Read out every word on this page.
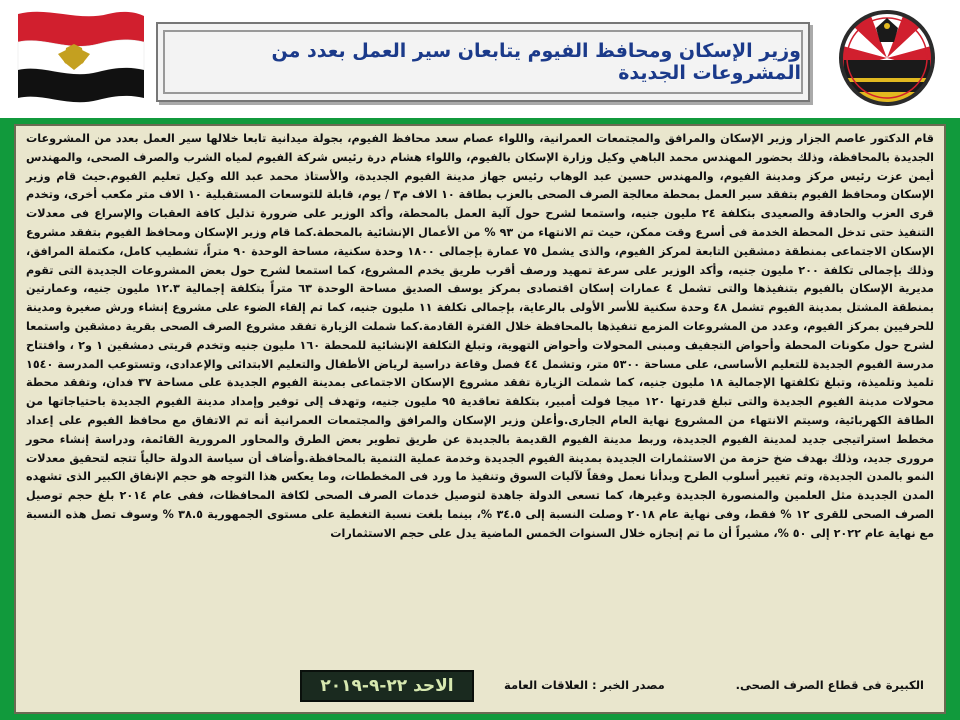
وزير الإسكان ومحافظ الفيوم يتابعان سير العمل بعدد من المشروعات الجديدة

قام الدكتور عاصم الجزار وزير الإسكان والمرافق والمجتمعات العمرانية، واللواء عصام سعد محافظ الفيوم، بجولة ميدانية تابعا خلالها سير العمل بعدد من المشروعات الجديدة بالمحافظة، وذلك بحضور المهندس محمد الباهي وكيل وزارة الإسكان بالفيوم، واللواء هشام درة رئيس شركة الفيوم لمياه الشرب والصرف الصحى، والمهندس أيمن عزت رئيس مركز ومدينة الفيوم، والمهندس حسين عبد الوهاب رئيس جهاز مدينة الفيوم الجديدة، والأستاذ محمد عبد الله وكيل تعليم الفيوم.حيث قام وزير الإسكان ومحافظ الفيوم بتفقد سير العمل بمحطة معالجة الصرف الصحى بالعزب بطاقة ١٠ الاف م٣ / يوم، قابلة للتوسعات المستقبلية ١٠ الاف متر مكعب أخرى، وتخدم قرى العزب والحادقة والصعيدى بتكلفة ٢٤ مليون جنيه، واستمعا لشرح حول آلية العمل بالمحطة، وأكد الوزير على ضرورة تذليل كافة العقبات والإسراع فى معدلات التنفيذ حتى تدخل المحطة الخدمة فى أسرع وقت ممكن، حيث تم الانتهاء من ٩٣ % من الأعمال الإنشائية بالمحطة.كما قام وزير الإسكان ومحافظ الفيوم بتفقد مشروع الإسكان الاجتماعى بمنطقة دمشقين التابعة لمركز الفيوم، والذى يشمل ٧٥ عمارة بإجمالى ١٨٠٠ وحدة سكنية، مساحة الوحدة ٩٠ متراً، تشطيب كامل، مكتملة المرافق، وذلك بإجمالى تكلفة ٢٠٠ مليون جنيه، وأكد الوزير على سرعة تمهيد ورصف أقرب طريق يخدم المشروع، كما استمعا لشرح حول بعض المشروعات الجديدة التى تقوم مديرية الإسكان بالفيوم بتنفيذها والتى تشمل ٤ عمارات إسكان اقتصادى بمركز يوسف الصديق مساحة الوحدة ٦٣ متراً بتكلفة إجمالية ١٢.٣ مليون جنيه، وعمارتين بمنطقة المشتل بمدينة الفيوم تشمل ٤٨ وحدة سكنية للأسر الأولى بالرعاية، بإجمالى تكلفة ١١ مليون جنيه، كما تم إلقاء الضوء على مشروع إنشاء ورش صغيرة ومدينة للحرفيين بمركز الفيوم، وعدد من المشروعات المزمع تنفيذها بالمحافظة خلال الفترة القادمة.كما شملت الزيارة تفقد مشروع الصرف الصحى بقرية دمشقين واستمعا لشرح حول مكونات المحطة وأحواض التجفيف ومبنى المحولات وأحواض التهوية، وتبلغ التكلفة الإنشائية للمحطة ١٦٠ مليون جنيه وتخدم قريتى دمشقين ١ و٢ ، وافتتاح مدرسة الفيوم الجديدة للتعليم الأساسى، على مساحة ٥٣٠٠ متر، وتشمل ٤٤ فصل وقاعة دراسية لرياض الأطفال والتعليم الابتدائى والإعدادى، وتستوعب المدرسة ١٥٤٠ تلميذ وتلميذة، وتبلغ تكلفتها الإجمالية ١٨ مليون جنيه، كما شملت الزيارة تفقد مشروع الإسكان الاجتماعى بمدينة الفيوم الجديدة على مساحة ٣٧ فدان، وتفقد محطة محولات مدينة الفيوم الجديدة والتى تبلغ قدرتها ١٢٠ ميجا فولت أمبير، بتكلفة تعاقدية ٩٥ مليون جنيه، وتهدف إلى توفير وإمداد مدينة الفيوم الجديدة باحتياجاتها من الطاقة الكهربائية، وسيتم الانتهاء من المشروع نهاية العام الجارى.وأعلن وزير الإسكان والمرافق والمجتمعات العمرانية أنه تم الاتفاق مع محافظ الفيوم على إعداد مخطط استراتيجى جديد لمدينة الفيوم الجديدة، وربط مدينة الفيوم القديمة بالجديدة عن طريق تطوير بعض الطرق والمحاور المرورية القائمة، ودراسة إنشاء محور مرورى جديد، وذلك بهدف ضخ حزمة من الاستثمارات الجديدة بمدينة الفيوم الجديدة وخدمة عملية التنمية بالمحافظة.وأضاف أن سياسة الدولة حالياً تتجه لتحقيق معدلات النمو بالمدن الجديدة، وتم تغيير أسلوب الطرح وبدأنا نعمل وفقاً لآليات السوق وتنفيذ ما ورد فى المخططات، وما يعكس هذا التوجه هو حجم الإنفاق الكبير الذى تشهده المدن الجديدة مثل العلمين والمنصورة الجديدة وغيرها، كما تسعى الدولة جاهدة لتوصيل خدمات الصرف الصحى لكافة المحافظات، ففى عام ٢٠١٤ بلغ حجم توصيل الصرف الصحى للقرى ١٢ % فقط، وفى نهاية عام ٢٠١٨ وصلت النسبة إلى ٣٤.٥ %، بينما بلغت نسبة التغطية على مستوى الجمهورية ٣٨.٥ % وسوف تصل هذه النسبة مع نهاية عام ٢٠٢٢ إلى ٥٠ %، مشيراً أن ما تم إنجازه خلال السنوات الخمس الماضية يدل على حجم الاستثمارات

الاحد ٢٢-٩-٢٠١٩	مصدر الخبر : العلاقات العامة	الكبيرة فى قطاع الصرف الصحى.
